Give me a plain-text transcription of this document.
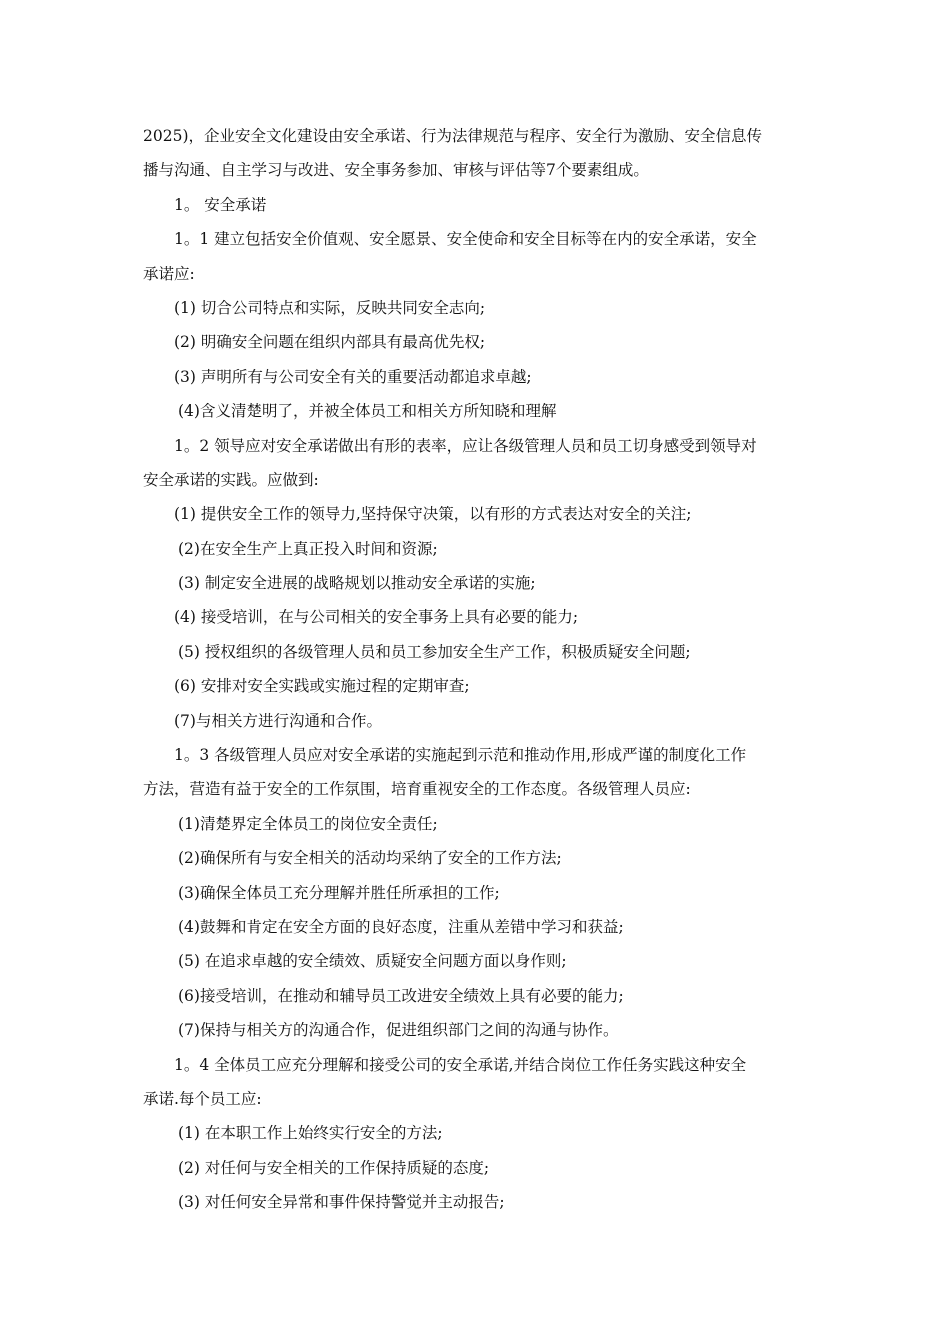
2025)，企业安全文化建设由安全承诺、行为法律规范与程序、安全行为激励、安全信息传
播与沟通、自主学习与改进、安全事务参加、审核与评估等7个要素组成。
1。 安全承诺
1。1 建立包括安全价值观、安全愿景、安全使命和安全目标等在内的安全承诺，安全
承诺应:
(1) 切合公司特点和实际，反映共同安全志向;
(2) 明确安全问题在组织内部具有最高优先权;
(3) 声明所有与公司安全有关的重要活动都追求卓越;
(4)含义清楚明了，并被全体员工和相关方所知晓和理解
1。2 领导应对安全承诺做出有形的表率，应让各级管理人员和员工切身感受到领导对
安全承诺的实践。应做到:
(1) 提供安全工作的领导力,坚持保守决策，以有形的方式表达对安全的关注;
(2)在安全生产上真正投入时间和资源;
(3) 制定安全进展的战略规划以推动安全承诺的实施;
(4) 接受培训，在与公司相关的安全事务上具有必要的能力;
(5) 授权组织的各级管理人员和员工参加安全生产工作，积极质疑安全问题;
(6) 安排对安全实践或实施过程的定期审查;
(7)与相关方进行沟通和合作。
1。3 各级管理人员应对安全承诺的实施起到示范和推动作用,形成严谨的制度化工作
方法，营造有益于安全的工作氛围，培育重视安全的工作态度。各级管理人员应:
(1)清楚界定全体员工的岗位安全责任;
(2)确保所有与安全相关的活动均采纳了安全的工作方法;
(3)确保全体员工充分理解并胜任所承担的工作;
(4)鼓舞和肯定在安全方面的良好态度，注重从差错中学习和获益;
(5) 在追求卓越的安全绩效、质疑安全问题方面以身作则;
(6)接受培训，在推动和辅导员工改进安全绩效上具有必要的能力;
(7)保持与相关方的沟通合作，促进组织部门之间的沟通与协作。
1。4 全体员工应充分理解和接受公司的安全承诺,并结合岗位工作任务实践这种安全
承诺.每个员工应:
(1) 在本职工作上始终实行安全的方法;
(2) 对任何与安全相关的工作保持质疑的态度;
(3) 对任何安全异常和事件保持警觉并主动报告;
